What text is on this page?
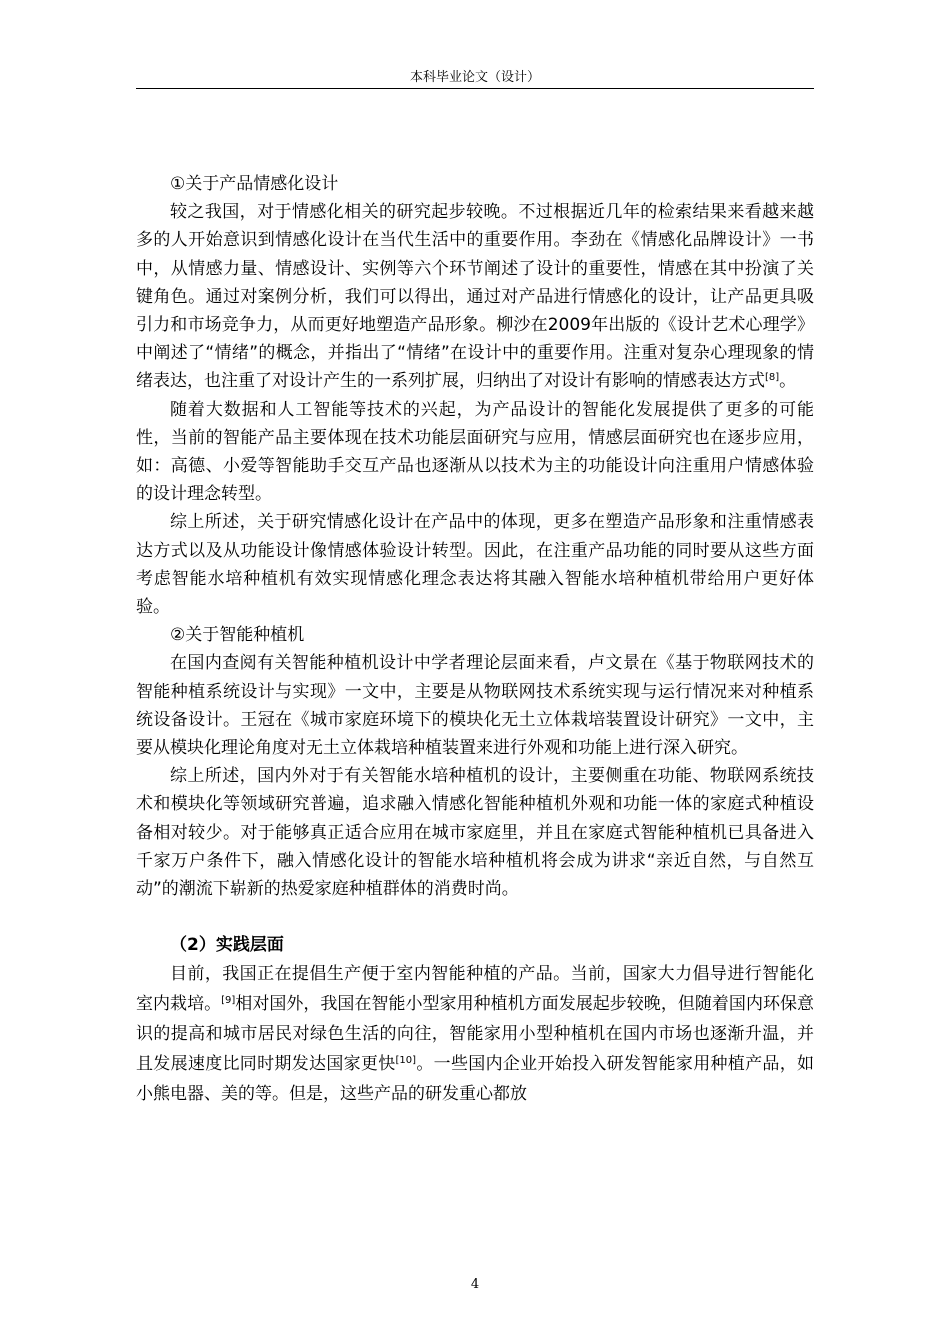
本科毕业论文（设计）

①关于产品情感化设计

较之我国，对于情感化相关的研究起步较晚。不过根据近几年的检索结果来看越来越多的人开始意识到情感化设计在当代生活中的重要作用。李劲在《情感化品牌设计》一书中，从情感力量、情感设计、实例等六个环节阐述了设计的重要性，情感在其中扮演了关键角色。通过对案例分析，我们可以得出，通过对产品进行情感化的设计，让产品更具吸引力和市场竞争力，从而更好地塑造产品形象。柳沙在2009年出版的《设计艺术心理学》中阐述了“情绪”的概念，并指出了“情绪”在设计中的重要作用。注重对复杂心理现象的情绪表达，也注重了对设计产生的一系列扩展，归纳出了对设计有影响的情感表达方式[8]。

随着大数据和人工智能等技术的兴起，为产品设计的智能化发展提供了更多的可能性，当前的智能产品主要体现在技术功能层面研究与应用，情感层面研究也在逐步应用，如：高德、小爱等智能助手交互产品也逐渐从以技术为主的功能设计向注重用户情感体验的设计理念转型。

综上所述，关于研究情感化设计在产品中的体现，更多在塑造产品形象和注重情感表达方式以及从功能设计像情感体验设计转型。因此，在注重产品功能的同时要从这些方面考虑智能水培种植机有效实现情感化理念表达将其融入智能水培种植机带给用户更好体验。

②关于智能种植机

在国内查阅有关智能种植机设计中学者理论层面来看，卢文景在《基于物联网技术的智能种植系统设计与实现》一文中，主要是从物联网技术系统实现与运行情况来对种植系统设备设计。王冠在《城市家庭环境下的模块化无土立体栽培装置设计研究》一文中，主要从模块化理论角度对无土立体栽培种植装置来进行外观和功能上进行深入研究。

综上所述，国内外对于有关智能水培种植机的设计，主要侧重在功能、物联网系统技术和模块化等领域研究普遍，追求融入情感化智能种植机外观和功能一体的家庭式种植设备相对较少。对于能够真正适合应用在城市家庭里，并且在家庭式智能种植机已具备进入千家万户条件下，融入情感化设计的智能水培种植机将会成为讲求“亲近自然，与自然互动”的潮流下崭新的热爱家庭种植群体的消费时尚。

（2）实践层面

目前，我国正在提倡生产便于室内智能种植的产品。当前，国家大力倡导进行智能化室内栽培。[9]相对国外，我国在智能小型家用种植机方面发展起步较晚，但随着国内环保意识的提高和城市居民对绿色生活的向往，智能家用小型种植机在国内市场也逐渐升温，并且发展速度比同时期发达国家更快[10]。一些国内企业开始投入研发智能家用种植产品，如小熊电器、美的等。但是，这些产品的研发重心都放

4
